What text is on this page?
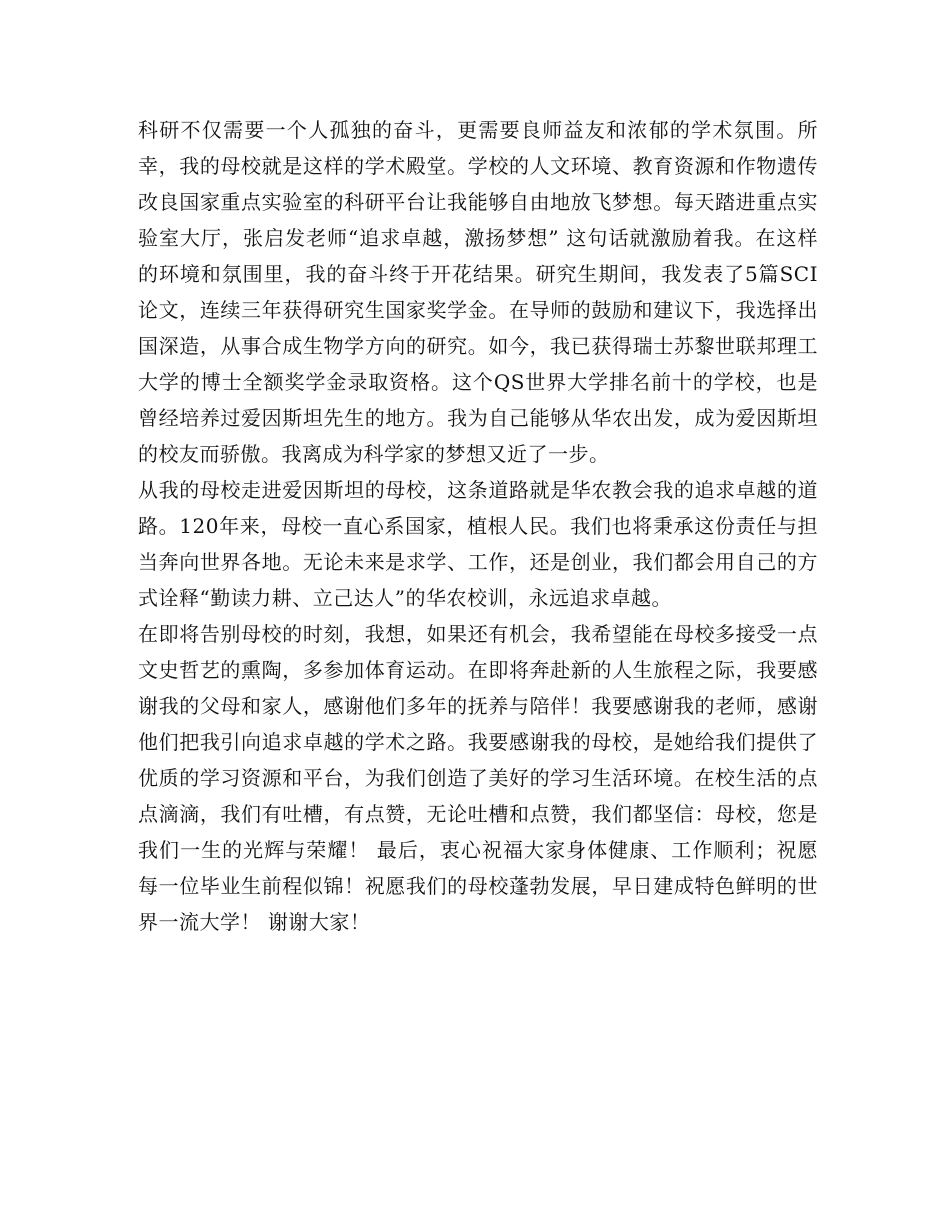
科研不仅需要一个人孤独的奋斗，更需要良师益友和浓郁的学术氛围。所幸，我的母校就是这样的学术殿堂。学校的人文环境、教育资源和作物遗传改良国家重点实验室的科研平台让我能够自由地放飞梦想。每天踏进重点实验室大厅，张启发老师“追求卓越，激扬梦想” 这句话就激励着我。在这样的环境和氛围里，我的奋斗终于开花结果。研究生期间，我发表了5篇SCI论文，连续三年获得研究生国家奖学金。在导师的鼓励和建议下，我选择出国深造，从事合成生物学方向的研究。如今，我已获得瑞士苏黎世联邦理工大学的博士全额奖学金录取资格。这个QS世界大学排名前十的学校，也是曾经培养过爱因斯坦先生的地方。我为自己能够从华农出发，成为爱因斯坦的校友而骄傲。我离成为科学家的梦想又近了一步。

从我的母校走进爱因斯坦的母校，这条道路就是华农教会我的追求卓越的道路。120年来，母校一直心系国家，植根人民。我们也将秉承这份责任与担当奔向世界各地。无论未来是求学、工作，还是创业，我们都会用自己的方式诠释“勤读力耕、立己达人”的华农校训，永远追求卓越。

在即将告别母校的时刻，我想，如果还有机会，我希望能在母校多接受一点文史哲艺的熏陶，多参加体育运动。在即将奔赴新的人生旅程之际，我要感谢我的父母和家人，感谢他们多年的抚养与陪伴！我要感谢我的老师，感谢他们把我引向追求卓越的学术之路。我要感谢我的母校，是她给我们提供了优质的学习资源和平台，为我们创造了美好的学习生活环境。在校生活的点点滴滴，我们有吐槽，有点赞，无论吐槽和点赞，我们都坚信：母校，您是我们一生的光辉与荣耀！ 最后，衷心祝福大家身体健康、工作顺利；祝愿每一位毕业生前程似锦！祝愿我们的母校蓬勃发展，早日建成特色鲜明的世界一流大学！ 谢谢大家！
